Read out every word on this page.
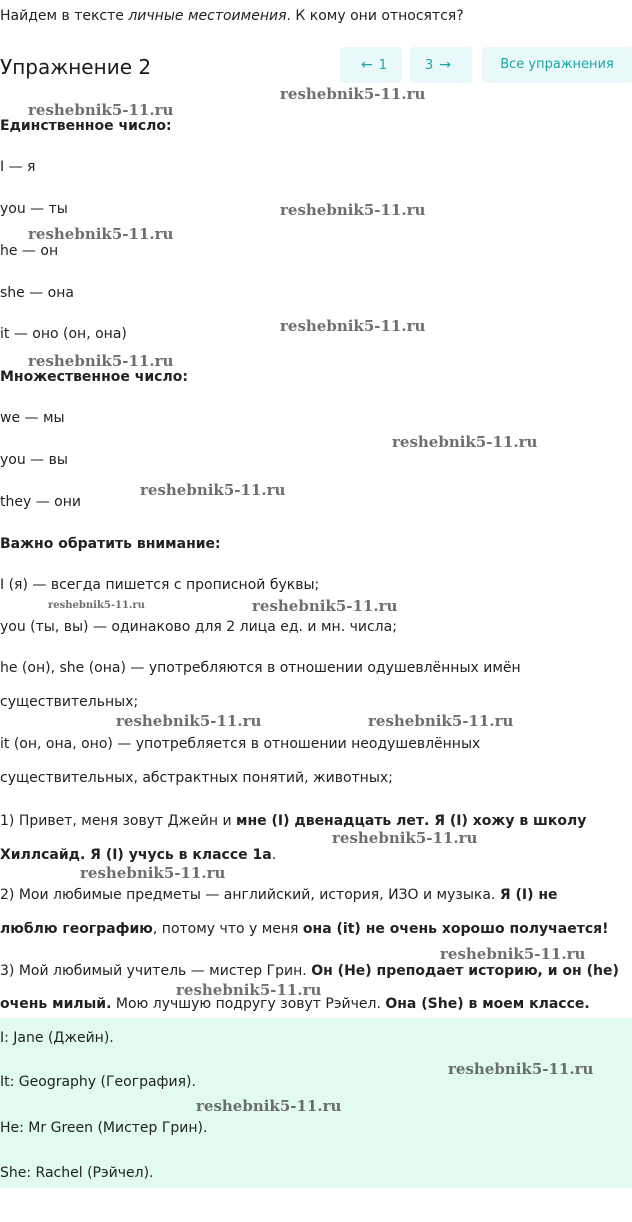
Найдем в тексте личные местоимения. К кому они относятся?
Упражнение 2	← 1	3 →	Все упражнения
Единственное число:
I — я
you — ты
he — он
she — она
it — оно (он, она)
Множественное число:
we — мы
you — вы
they — они
Важно обратить внимание:
I (я) — всегда пишется с прописной буквы;
you (ты, вы) — одинаково для 2 лица ед. и мн. числа;
he (он), she (она) — употребляются в отношении одушевлённых имён
существительных;
it (он, она, оно) — употребляется в отношении неодушевлённых
существительных, абстрактных понятий, животных;
1) Привет, меня зовут Джейн и мне (I) двенадцать лет. Я (I) хожу в школу
Хиллсайд. Я (I) учусь в классе 1a.
2) Мои любимые предметы — английский, история, ИЗО и музыка. Я (I) не
люблю географию, потому что у меня она (it) не очень хорошо получается!
3) Мой любимый учитель — мистер Грин. Он (He) преподает историю, и он (he)
очень милый. Мою лучшую подругу зовут Рэйчел. Она (She) в моем классе.
I: Jane (Джейн).
It: Geography (География).
He: Mr Green (Мистер Грин).
She: Rachel (Рэйчел).
reshebnik5-11.ru
reshebnik5-11.ru
reshebnik5-11.ru
reshebnik5-11.ru
reshebnik5-11.ru
reshebnik5-11.ru
reshebnik5-11.ru
reshebnik5-11.ru
reshebnik5-11.ru	reshebnik5-11.ru
reshebnik5-11.ru	reshebnik5-11.ru
reshebnik5-11.ru
reshebnik5-11.ru
reshebnik5-11.ru
reshebnik5-11.ru
reshebnik5-11.ru
reshebnik5-11.ru
